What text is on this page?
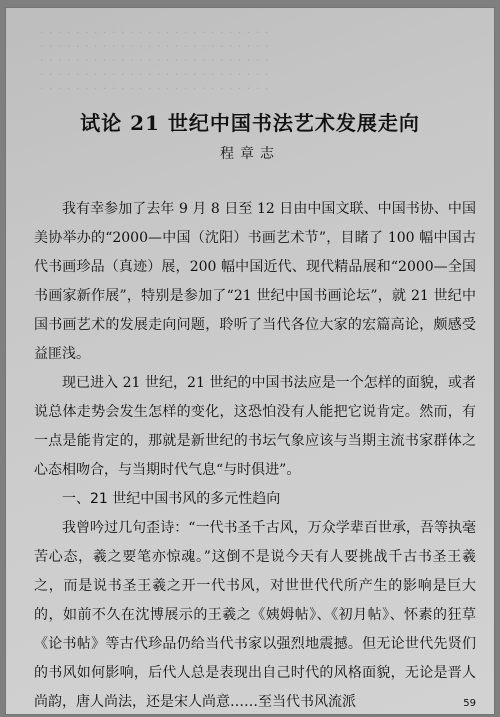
· · · · · · · · · · · · · · · · · · · · · · · · · ·
· · · · · · · · · · · · · · · · · · · · · · · · · ·
· · · · · · · · · · · · · · · · · · · · · · · · · ·
· · · · · · · · · · · · · · · · · · · · · · · · · ·
· · · · · · · · · · · · · · · · · · · · · · · · · ·
试论 21 世纪中国书法艺术发展走向
程章志

我有幸参加了去年 9 月 8 日至 12 日由中国文联、中国书协、中国美协举办的“2000—中国（沈阳）书画艺术节”，目睹了 100 幅中国古代书画珍品（真迹）展，200 幅中国近代、现代精品展和“2000—全国书画家新作展”，特别是参加了“21 世纪中国书画论坛”，就 21 世纪中国书画艺术的发展走向问题，聆听了当代各位大家的宏篇高论，颇感受益匪浅。

现已进入 21 世纪，21 世纪的中国书法应是一个怎样的面貌，或者说总体走势会发生怎样的变化，这恐怕没有人能把它说肯定。然而，有一点是能肯定的，那就是新世纪的书坛气象应该与当期主流书家群体之心态相吻合，与当期时代气息“与时俱进”。

一、21 世纪中国书风的多元性趋向

我曾吟过几句歪诗：“一代书圣千古风，万众学辈百世承，吾等执毫苦心态，羲之要笔亦惊魂。”这倒不是说今天有人要挑战千古书圣王羲之，而是说书圣王羲之开一代书风，对世世代代所产生的影响是巨大的，如前不久在沈博展示的王羲之《姨姆帖》、《初月帖》、怀素的狂草《论书帖》等古代珍品仍给当代书家以强烈地震撼。但无论世代先贤们的书风如何影响，后代人总是表现出自己时代的风格面貌，无论是晋人尚韵，唐人尚法，还是宋人尚意……至当代书风流派	59
